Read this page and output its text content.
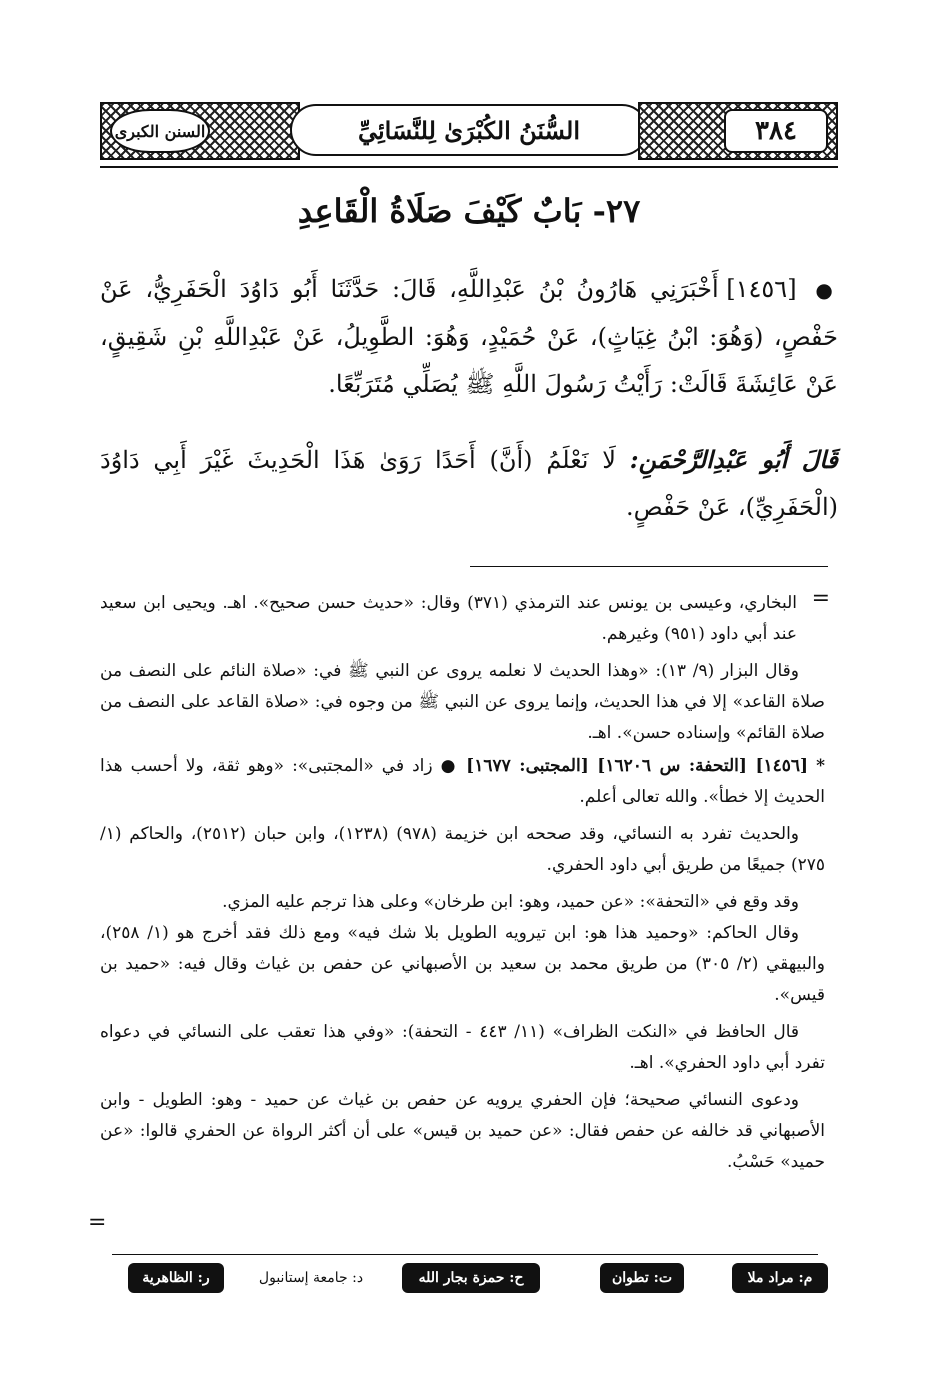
السنن الكبرى	السُّنَنُ الكُبْرَىٰ لِلنَّسَائِيِّ	٣٨٤
٢٧- بَابٌ كَيْفَ صَلَاةُ الْقَاعِدِ
● [١٤٥٦] أَخْبَرَنِي هَارُونُ بْنُ عَبْدِاللَّهِ، قَالَ: حَدَّثَنَا أَبُو دَاوُدَ الْحَفَرِيُّ، عَنْ حَفْصٍ، (وَهُوَ: ابْنُ غِيَاثٍ)، عَنْ حُمَيْدٍ، وَهُوَ: الطَّوِيلُ، عَنْ عَبْدِاللَّهِ بْنِ شَقِيقٍ، عَنْ عَائِشَةَ قَالَتْ: رَأَيْتُ رَسُولَ اللَّهِ ﷺ يُصَلِّي مُتَرَبِّعًا.
قَالَ أَبُو عَبْدِالرَّحْمَنِ: لَا نَعْلَمُ (أَنَّ) أَحَدًا رَوَىٰ هَذَا الْحَدِيثَ غَيْرَ أَبِي دَاوُدَ (الْحَفَرِيِّ)، عَنْ حَفْصٍ.
=

البخاري، وعيسى بن يونس عند الترمذي (٣٧١) وقال: «حديث حسن صحيح». اهـ. ويحيى ابن سعيد عند أبي داود (٩٥١) وغيرهم.

وقال البزار (٩/ ١٣): «وهذا الحديث لا نعلمه يروى عن النبي ﷺ في: «صلاة النائم على النصف من صلاة القاعد» إلا في هذا الحديث، وإنما يروى عن النبي ﷺ من وجوه في: «صلاة القاعد على النصف من صلاة القائم» وإسناده حسن». اهـ.

* [١٤٥٦] [التحفة: س ١٦٢٠٦] [المجتبى: ١٦٧٧] ● زاد في «المجتبى»: «وهو ثقة، ولا أحسب هذا الحديث إلا خطأ». والله تعالى أعلم.

والحديث تفرد به النسائي، وقد صححه ابن خزيمة (٩٧٨) (١٢٣٨)، وابن حبان (٢٥١٢)، والحاكم (١/ ٢٧٥) جميعًا من طريق أبي داود الحفري.

وقد وقع في «التحفة»: «عن حميد، وهو: ابن طرخان» وعلى هذا ترجم عليه المزي.

وقال الحاكم: «وحميد هذا هو: ابن تيرويه الطويل بلا شك فيه» ومع ذلك فقد أخرج هو (١/ ٢٥٨)، والبيهقي (٢/ ٣٠٥) من طريق محمد بن سعيد بن الأصبهاني عن حفص بن غياث وقال فيه: «حميد بن قيس».

قال الحافظ في «النكت الظراف» (١١/ ٤٤٣ - التحفة): «وفي هذا تعقب على النسائي في دعواه تفرد أبي داود الحفري». اهـ.

ودعوى النسائي صحيحة؛ فإن الحفري يرويه عن حفص بن غياث عن حميد - وهو: الطويل - وابن الأصبهاني قد خالفه عن حفص فقال: «عن حميد بن قيس» على أن أكثر الرواة عن الحفري قالوا: «عن حميد» حَسْبُ.

=
م: مراد ملا
ت: تطوان
ح: حمزة بجار الله
د: جامعة إستانبول
ر: الظاهرية
